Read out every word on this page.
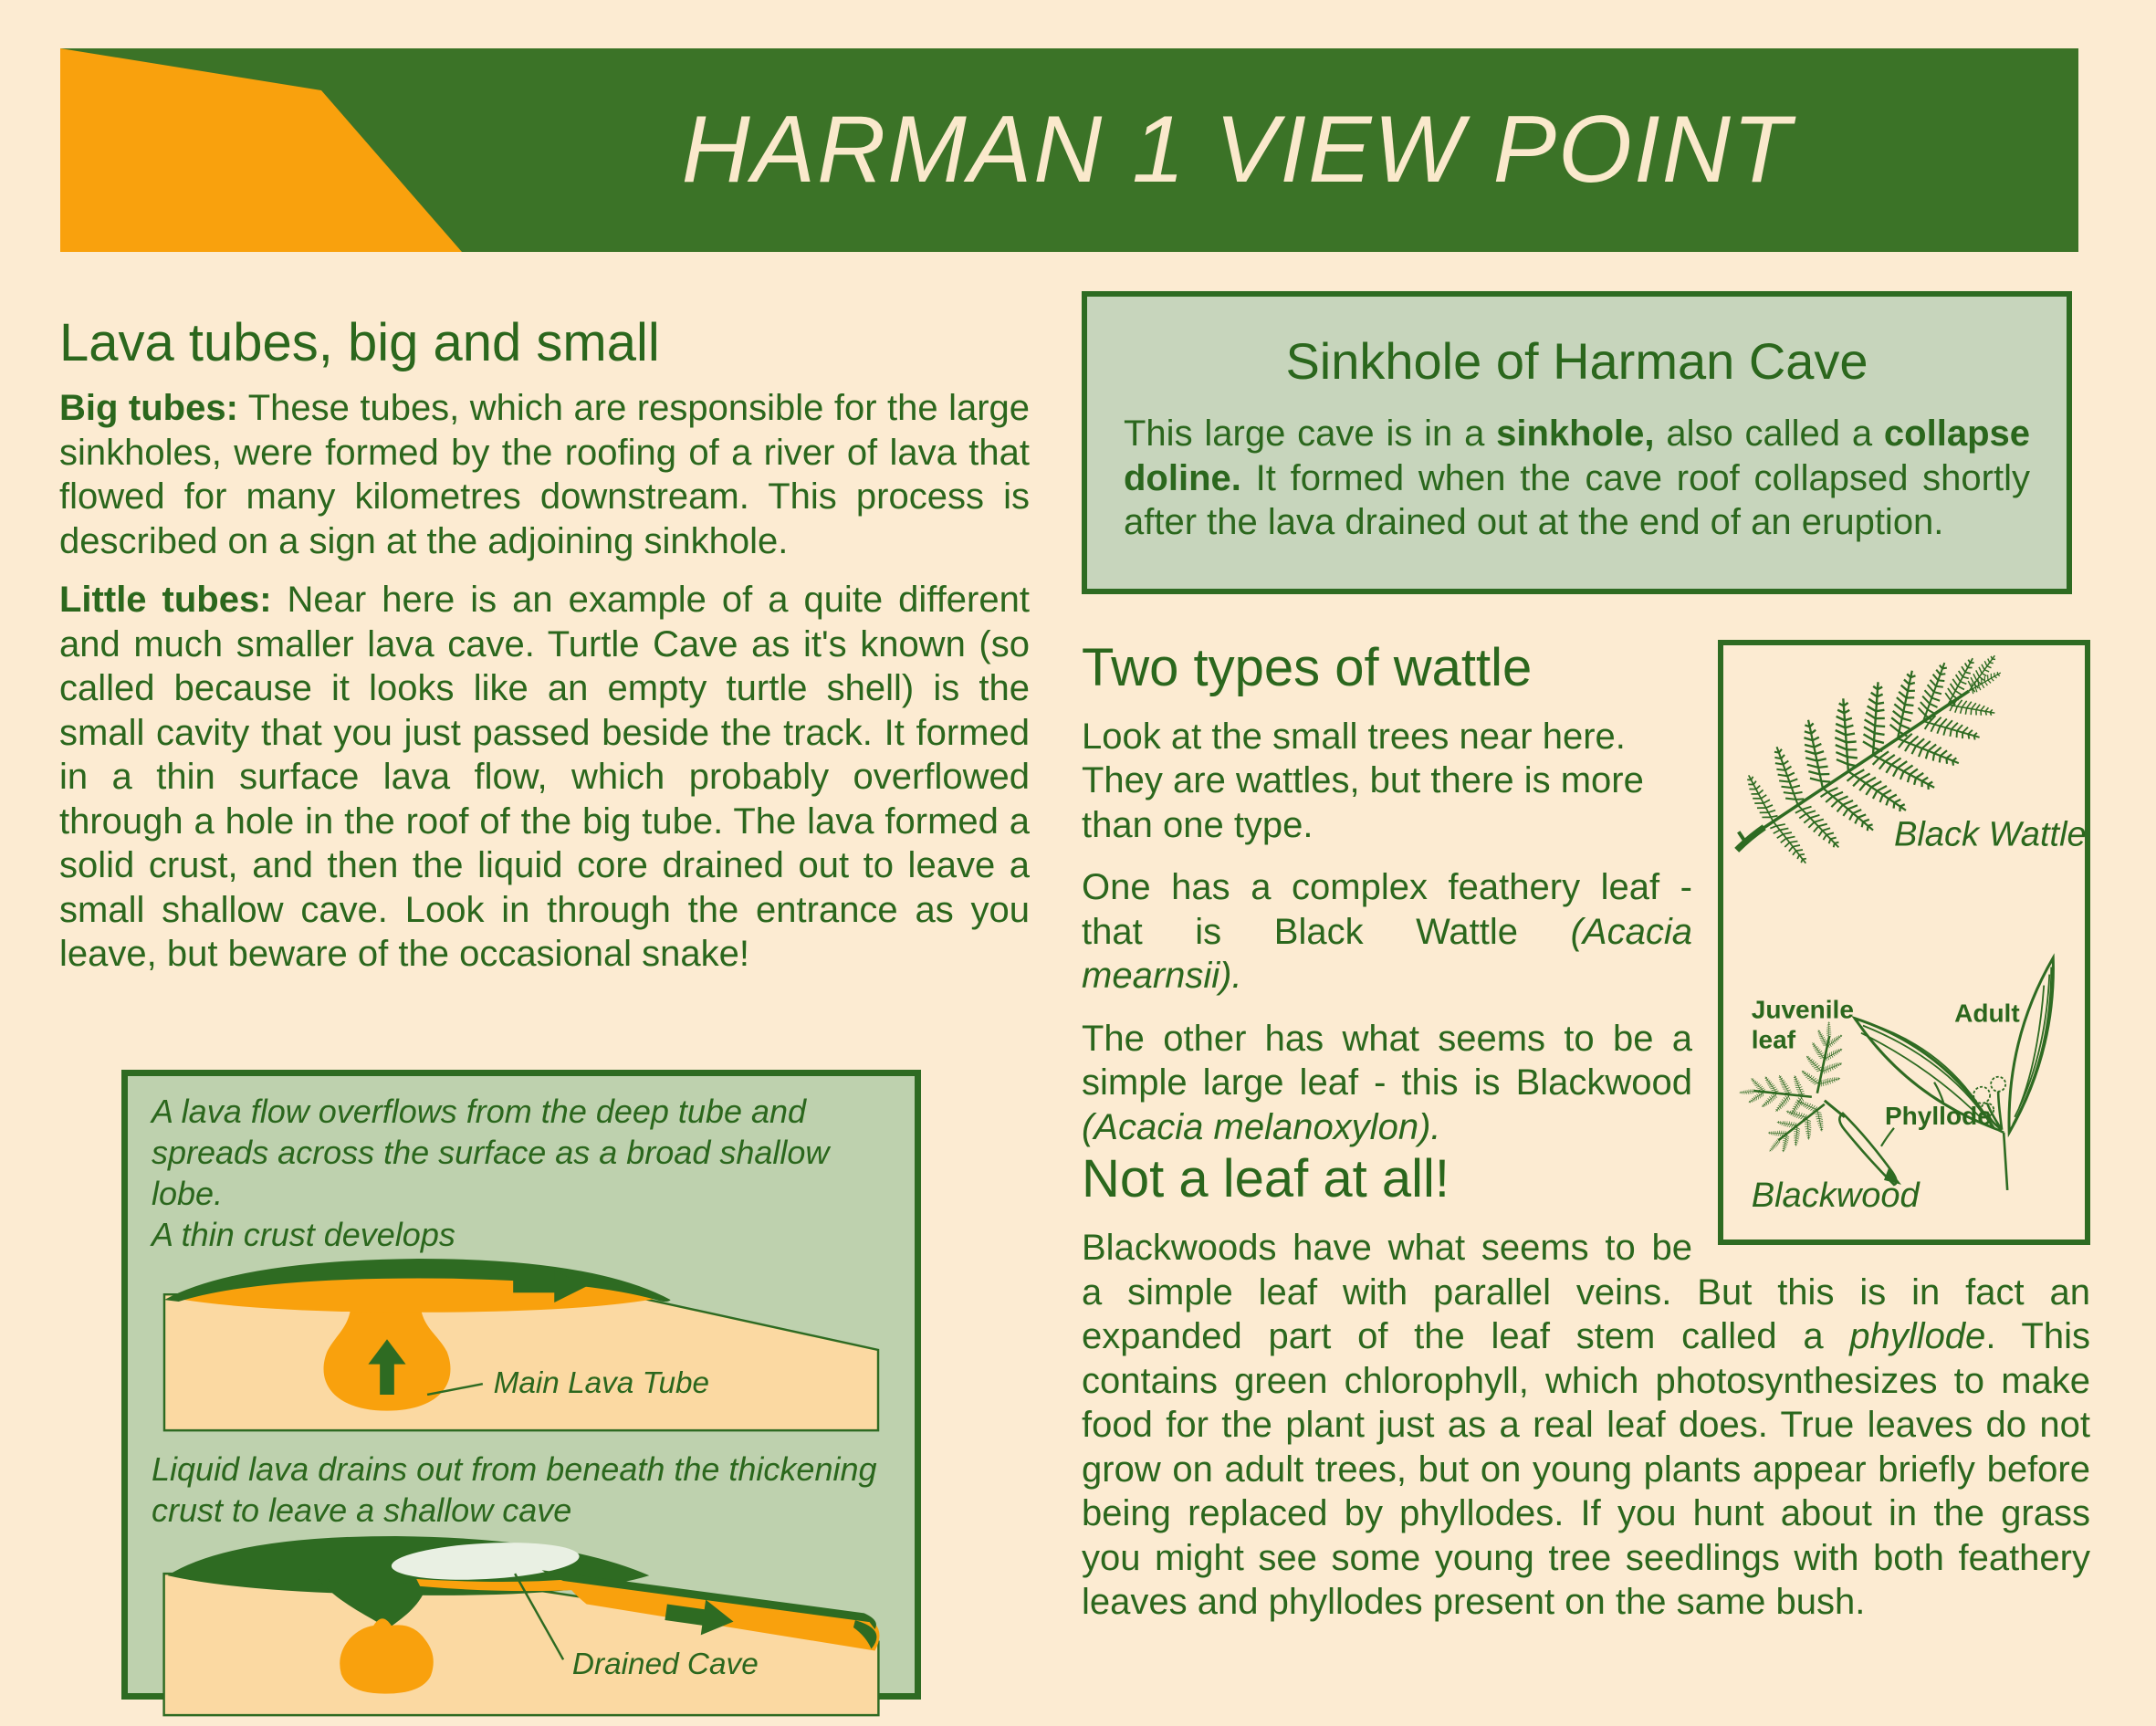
HARMAN 1 VIEW POINT
Lava tubes, big and small

Big tubes: These tubes, which are responsible for the large sinkholes, were formed by the roofing of a river of lava that flowed for many kilometres downstream. This process is described on a sign at the adjoining sinkhole.

Little tubes: Near here is an example of a quite different and much smaller lava cave. Turtle Cave as it's known (so called because it looks like an empty turtle shell) is the small cavity that you just passed beside the track. It formed in a thin surface lava flow, which probably overflowed through a hole in the roof of the big tube. The lava formed a solid crust, and then the liquid core drained out to leave a small shallow cave. Look in through the entrance as you leave, but beware of the occasional snake!

A lava flow overflows from the deep tube and spreads across the surface as a broad shallow lobe.
A thin crust develops

Main Lava Tube

Liquid lava drains out from beneath the thickening crust to leave a shallow cave

Drained Cave
Sinkhole of Harman Cave

This large cave is in a sinkhole, also called a collapse doline. It formed when the cave roof collapsed shortly after the lava drained out at the end of an eruption.

Black Wattle
Juvenile
leaf
Adult
Phyllode
Blackwood
Two types of wattle

Look at the small trees near here. They are wattles, but there is more than one type.

One has a complex feathery leaf - that is Black Wattle (Acacia mearnsii).

The other has what seems to be a simple large leaf - this is Blackwood (Acacia melanoxylon).

Not a leaf at all!

Blackwoods have what seems to be a simple leaf with parallel veins. But this is in fact an expanded part of the leaf stem called a phyllode. This contains green chlorophyll, which photosynthesizes to make food for the plant just as a real leaf does. True leaves do not grow on adult trees, but on young plants appear briefly before being replaced by phyllodes. If you hunt about in the grass you might see some young tree seedlings with both feathery leaves and phyllodes present on the same bush.
